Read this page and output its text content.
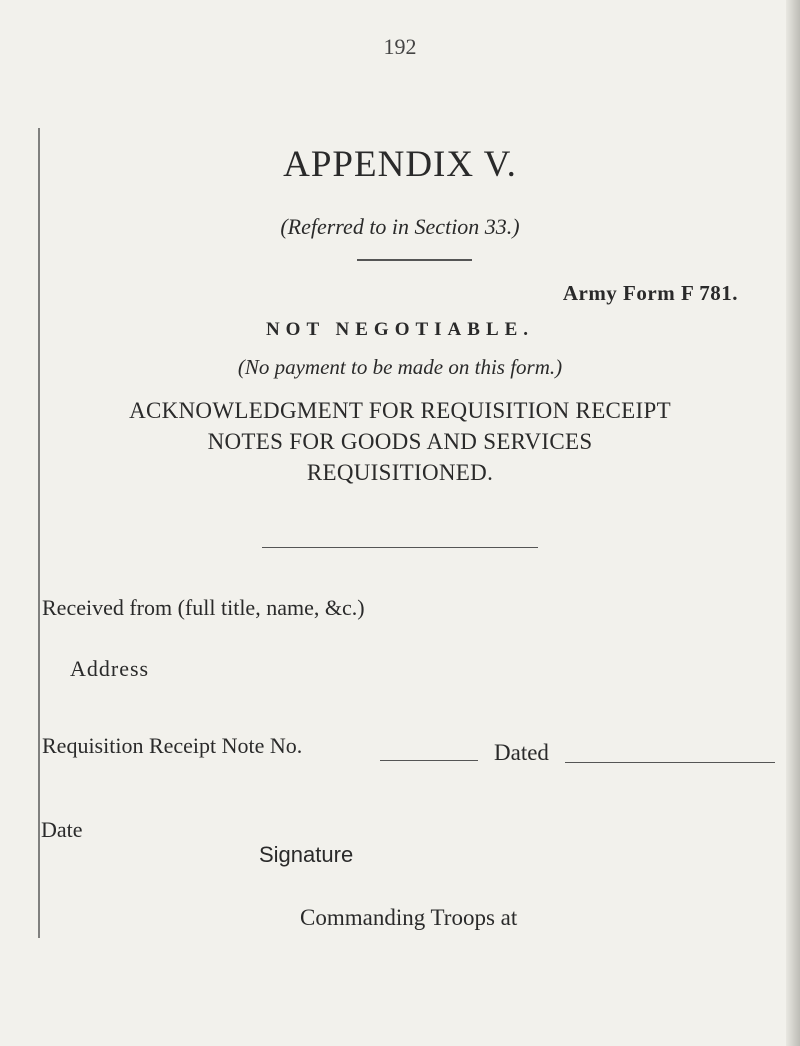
192
APPENDIX V.
(Referred to in Section 33.)
Army Form F 781.
NOT NEGOTIABLE.
(No payment to be made on this form.)
ACKNOWLEDGMENT FOR REQUISITION RECEIPT
NOTES FOR GOODS AND SERVICES
REQUISITIONED.
Received from (full title, name, &c.)
Address
Requisition Receipt Note No.	Dated
Date
Signature
Commanding Troops at
